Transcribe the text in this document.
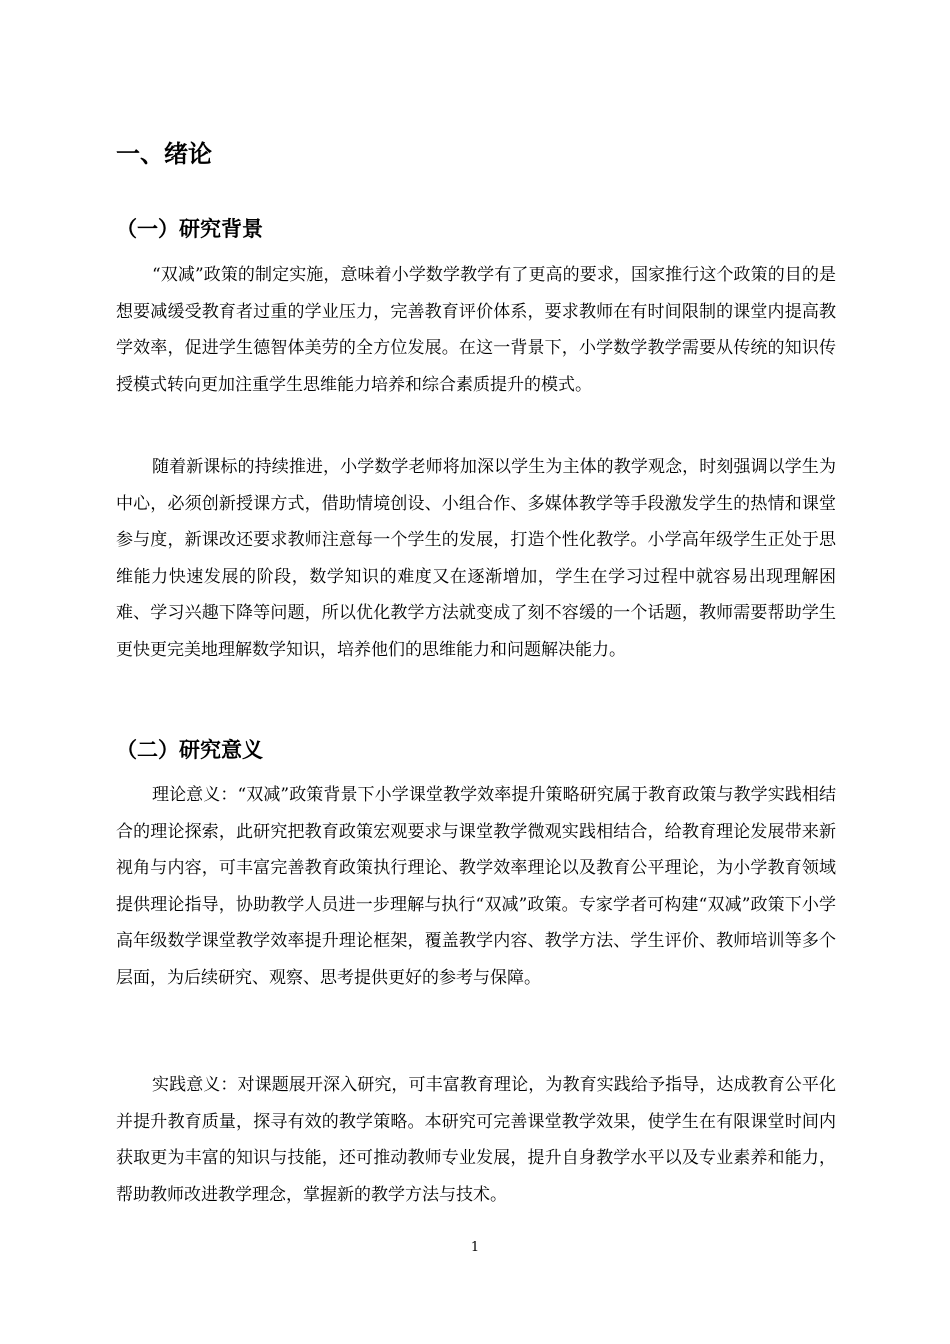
一、绪论
（一）研究背景

“双减”政策的制定实施，意味着小学数学教学有了更高的要求，国家推行这个政策的目的是想要减缓受教育者过重的学业压力，完善教育评价体系，要求教师在有时间限制的课堂内提高教学效率，促进学生德智体美劳的全方位发展。在这一背景下，小学数学教学需要从传统的知识传授模式转向更加注重学生思维能力培养和综合素质提升的模式。

随着新课标的持续推进，小学数学老师将加深以学生为主体的教学观念，时刻强调以学生为中心，必须创新授课方式，借助情境创设、小组合作、多媒体教学等手段激发学生的热情和课堂参与度，新课改还要求教师注意每一个学生的发展，打造个性化教学。小学高年级学生正处于思维能力快速发展的阶段，数学知识的难度又在逐渐增加，学生在学习过程中就容易出现理解困难、学习兴趣下降等问题，所以优化教学方法就变成了刻不容缓的一个话题，教师需要帮助学生更快更完美地理解数学知识，培养他们的思维能力和问题解决能力。

（二）研究意义

理论意义：“双减”政策背景下小学课堂教学效率提升策略研究属于教育政策与教学实践相结合的理论探索，此研究把教育政策宏观要求与课堂教学微观实践相结合，给教育理论发展带来新视角与内容，可丰富完善教育政策执行理论、教学效率理论以及教育公平理论，为小学教育领域提供理论指导，协助教学人员进一步理解与执行“双减”政策。专家学者可构建“双减”政策下小学高年级数学课堂教学效率提升理论框架，覆盖教学内容、教学方法、学生评价、教师培训等多个层面，为后续研究、观察、思考提供更好的参考与保障。

实践意义：对课题展开深入研究，可丰富教育理论，为教育实践给予指导，达成教育公平化并提升教育质量，探寻有效的教学策略。本研究可完善课堂教学效果，使学生在有限课堂时间内获取更为丰富的知识与技能，还可推动教师专业发展，提升自身教学水平以及专业素养和能力，帮助教师改进教学理念，掌握新的教学方法与技术。

1
